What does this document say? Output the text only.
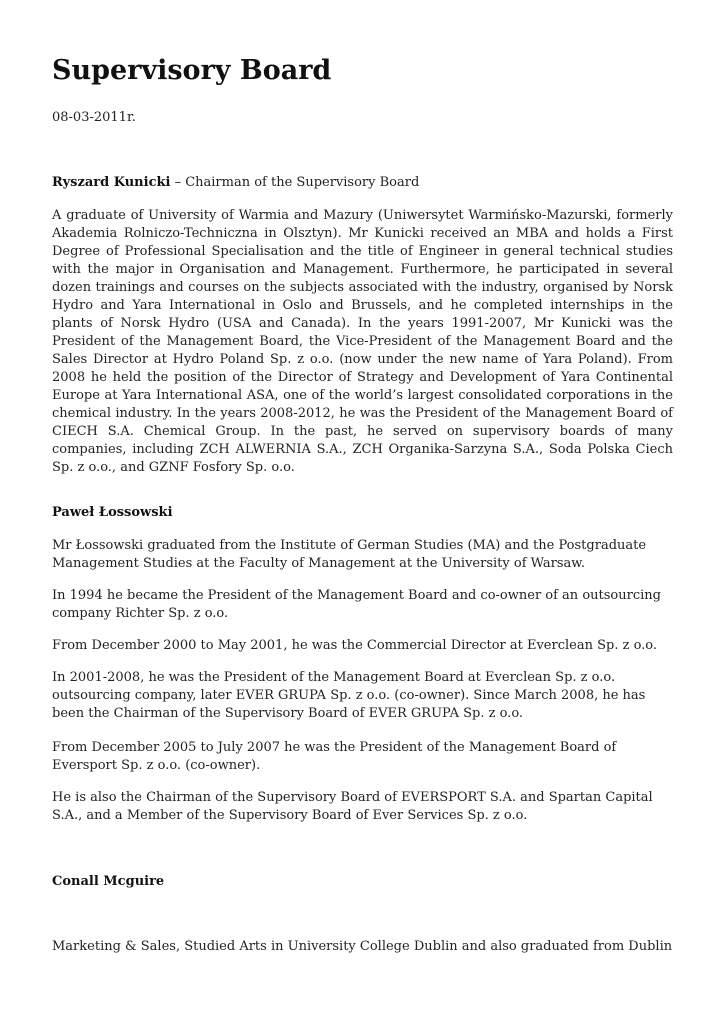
Supervisory Board
08-03-2011r.

Ryszard Kunicki – Chairman of the Supervisory Board

A graduate of University of Warmia and Mazury (Uniwersytet Warmińsko-Mazurski, formerly Akademia Rolniczo-Techniczna in Olsztyn). Mr Kunicki received an MBA and holds a First Degree of Professional Specialisation and the title of Engineer in general technical studies with the major in Organisation and Management. Furthermore, he participated in several dozen trainings and courses on the subjects associated with the industry, organised by Norsk Hydro and Yara International in Oslo and Brussels, and he completed internships in the plants of Norsk Hydro (USA and Canada). In the years 1991-2007, Mr Kunicki was the President of the Management Board, the Vice-President of the Management Board and the Sales Director at Hydro Poland Sp. z o.o. (now under the new name of Yara Poland). From 2008 he held the position of the Director of Strategy and Development of Yara Continental Europe at Yara International ASA, one of the world’s largest consolidated corporations in the chemical industry. In the years 2008-2012, he was the President of the Management Board of CIECH S.A. Chemical Group. In the past, he served on supervisory boards of many companies, including ZCH ALWERNIA S.A., ZCH Organika-Sarzyna S.A., Soda Polska Ciech Sp. z o.o., and GZNF Fosfory Sp. o.o.

Paweł Łossowski

Mr Łossowski graduated from the Institute of German Studies (MA) and the Postgraduate Management Studies at the Faculty of Management at the University of Warsaw.

In 1994 he became the President of the Management Board and co-owner of an outsourcing company Richter Sp. z o.o.

From December 2000 to May 2001, he was the Commercial Director at Everclean Sp. z o.o.

In 2001-2008, he was the President of the Management Board at Everclean Sp. z o.o. outsourcing company, later EVER GRUPA Sp. z o.o. (co-owner). Since March 2008, he has been the Chairman of the Supervisory Board of EVER GRUPA Sp. z o.o.

From December 2005 to July 2007 he was the President of the Management Board of Eversport Sp. z o.o. (co-owner).

He is also the Chairman of the Supervisory Board of EVERSPORT S.A. and Spartan Capital S.A., and a Member of the Supervisory Board of Ever Services Sp. z o.o.

Conall Mcguire

Marketing & Sales, Studied Arts in University College Dublin and also graduated from Dublin
